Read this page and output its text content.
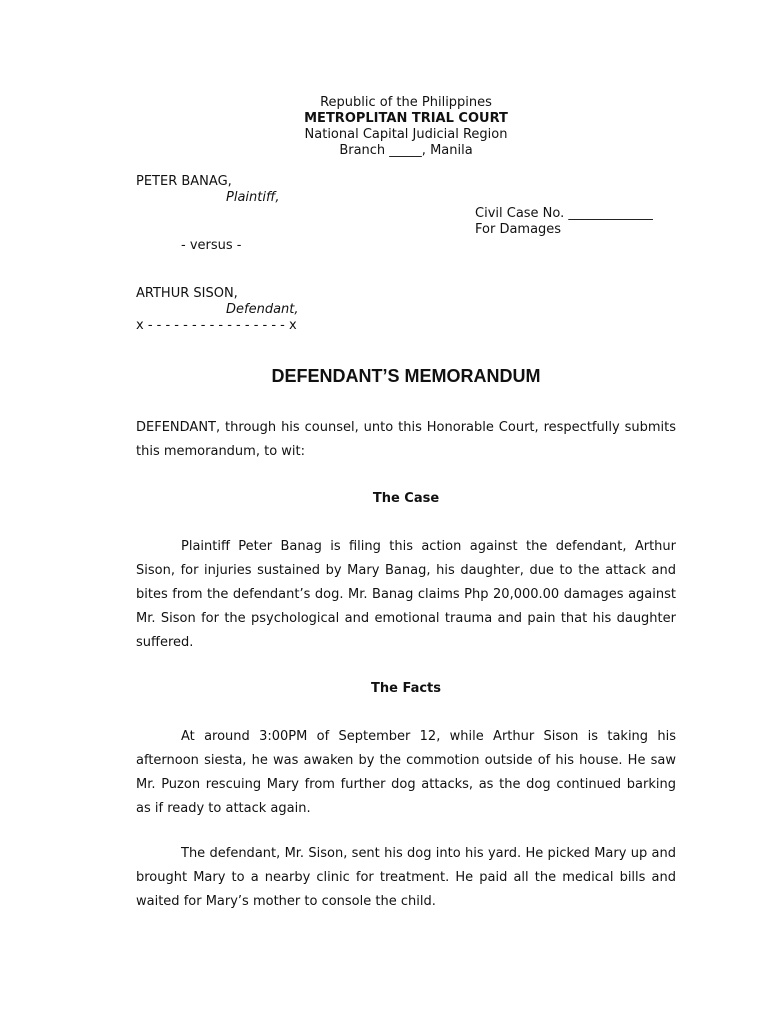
Republic of the Philippines
METROPLITAN TRIAL COURT
National Capital Judicial Region
Branch _____, Manila
PETER BANAG,
Plaintiff,
Civil Case No. _____________
For Damages
- versus -
ARTHUR SISON,
Defendant,
x - - - - - - - - - - - - - - - - x
DEFENDANT’S MEMORANDUM

DEFENDANT, through his counsel, unto this Honorable Court, respectfully submits this memorandum, to wit:

The Case

Plaintiff Peter Banag is filing this action against the defendant, Arthur Sison, for injuries sustained by Mary Banag, his daughter, due to the attack and bites from the defendant’s dog. Mr. Banag claims Php 20,000.00 damages against Mr. Sison for the psychological and emotional trauma and pain that his daughter suffered.

The Facts

At around 3:00PM of September 12, while Arthur Sison is taking his afternoon siesta, he was awaken by the commotion outside of his house. He saw Mr. Puzon rescuing Mary from further dog attacks, as the dog continued barking as if ready to attack again.

The defendant, Mr. Sison, sent his dog into his yard. He picked Mary up and brought Mary to a nearby clinic for treatment. He paid all the medical bills and waited for Mary’s mother to console the child.
